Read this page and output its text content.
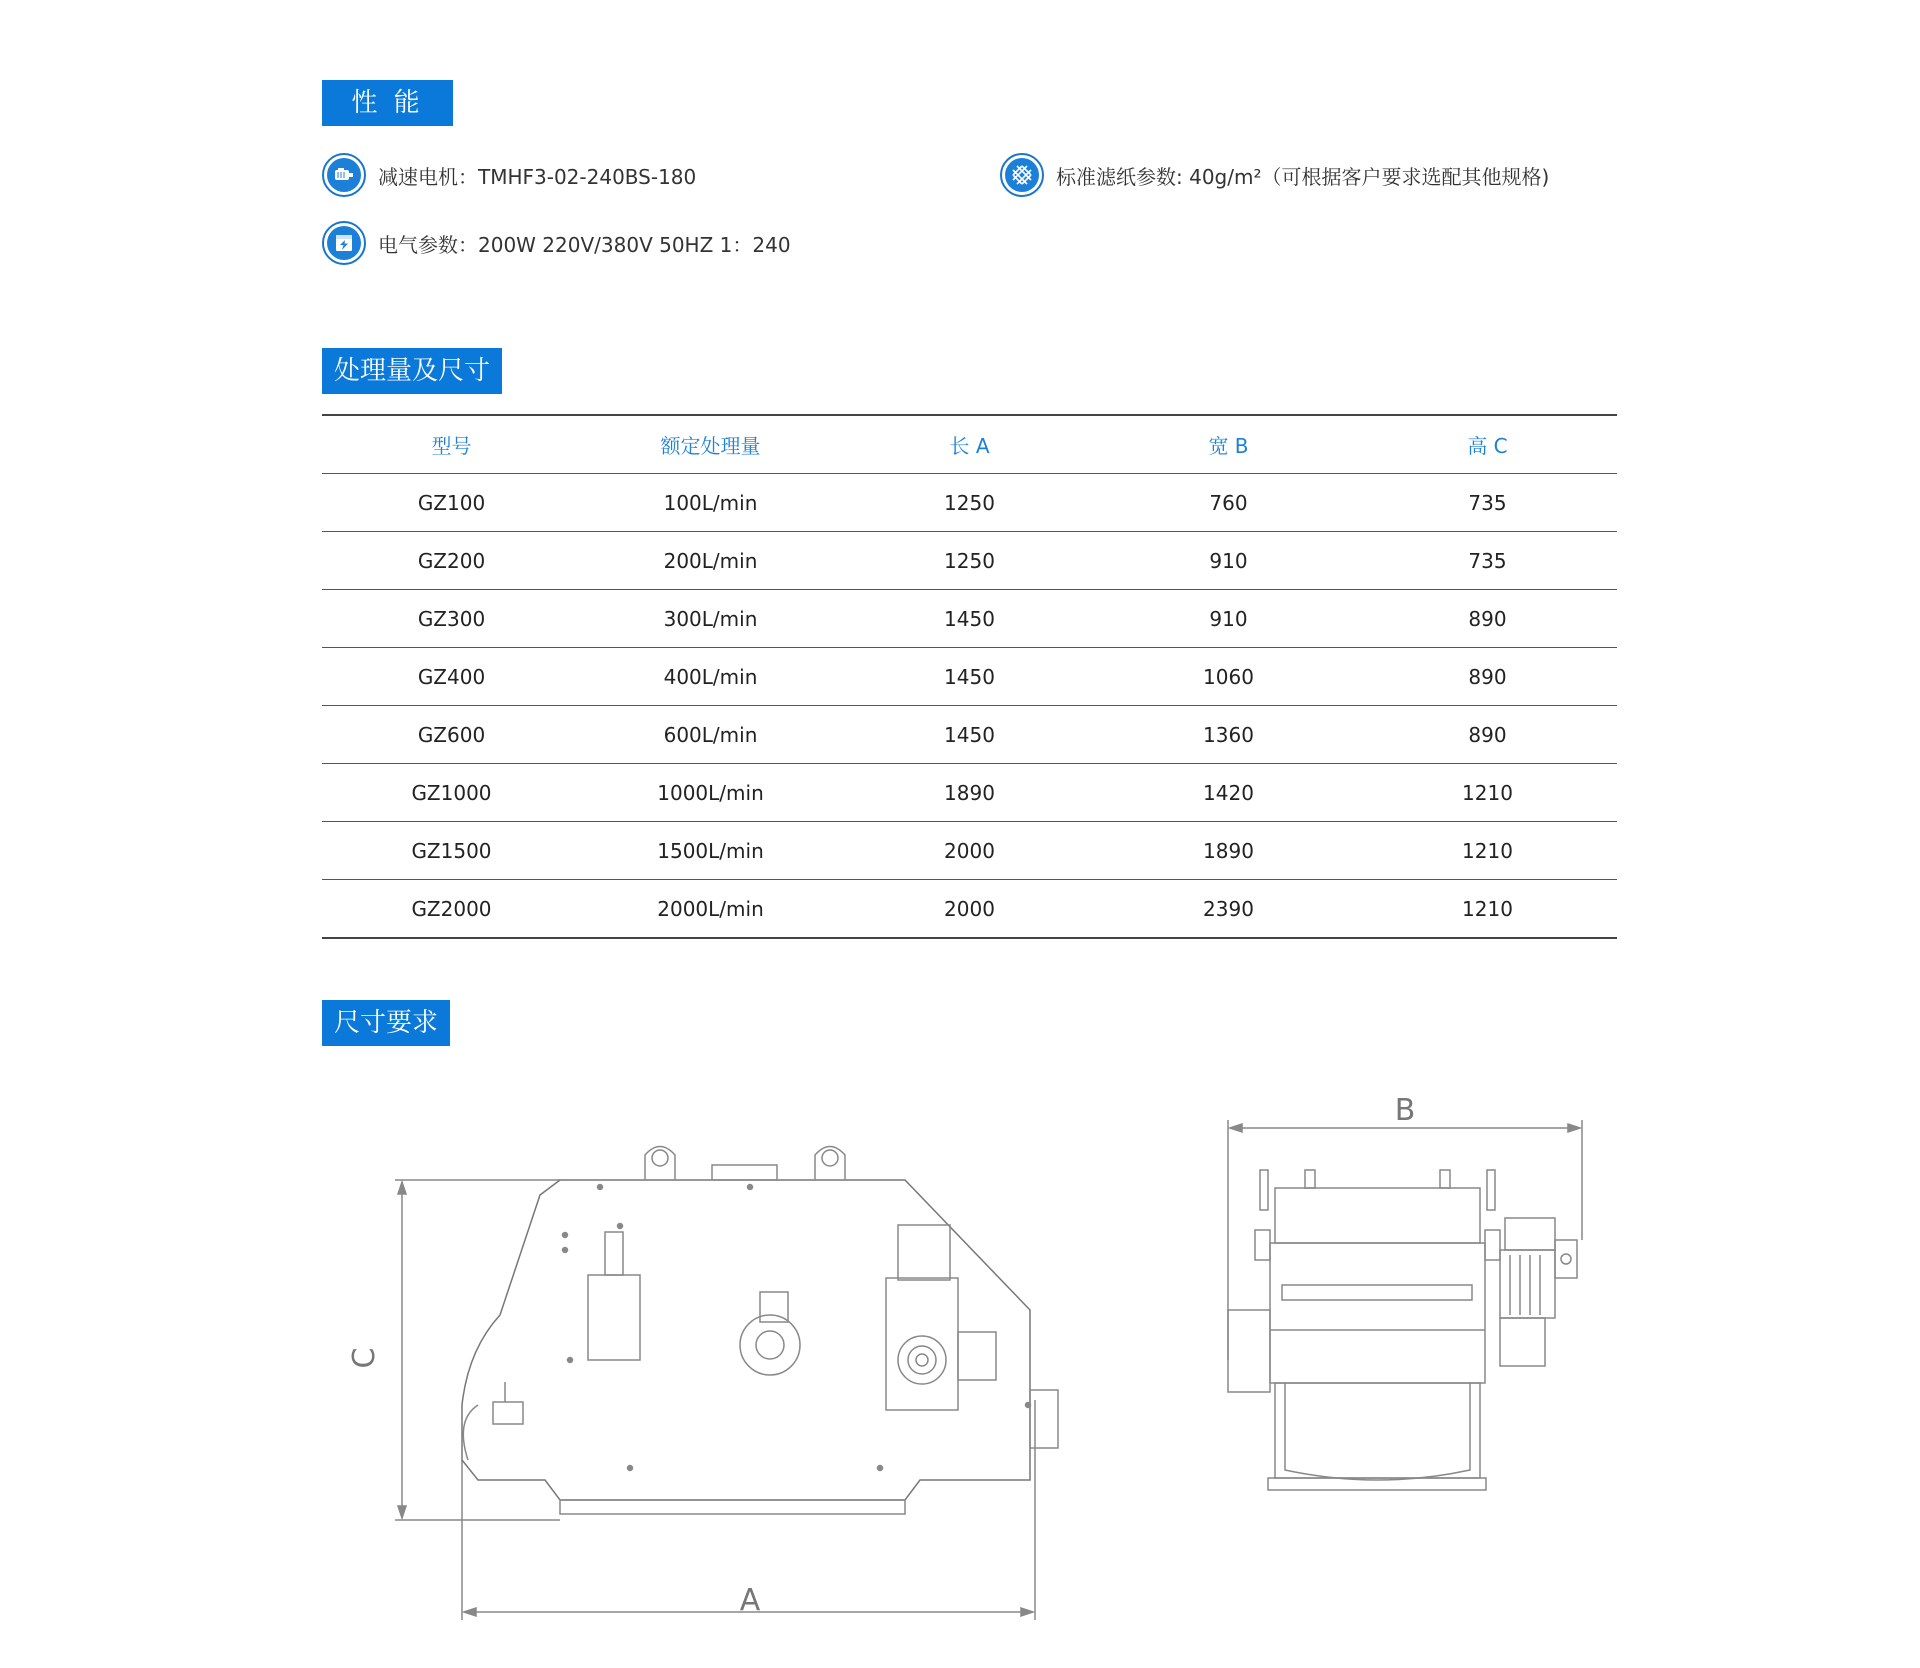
性 能
减速电机：TMHF3-02-240BS-180	标准滤纸参数: 40g/m²（可根据客户要求选配其他规格)
电气参数：200W 220V/380V 50HZ 1：240
处理量及尺寸
型号	额定处理量	长 A	宽 B	高 C
GZ100	100L/min	1250	760	735
GZ200	200L/min	1250	910	735
GZ300	300L/min	1450	910	890
GZ400	400L/min	1450	1060	890
GZ600	600L/min	1450	1360	890
GZ1000	1000L/min	1890	1420	1210
GZ1500	1500L/min	2000	1890	1210
GZ2000	2000L/min	2000	2390	1210
尺寸要求
C
A
B
